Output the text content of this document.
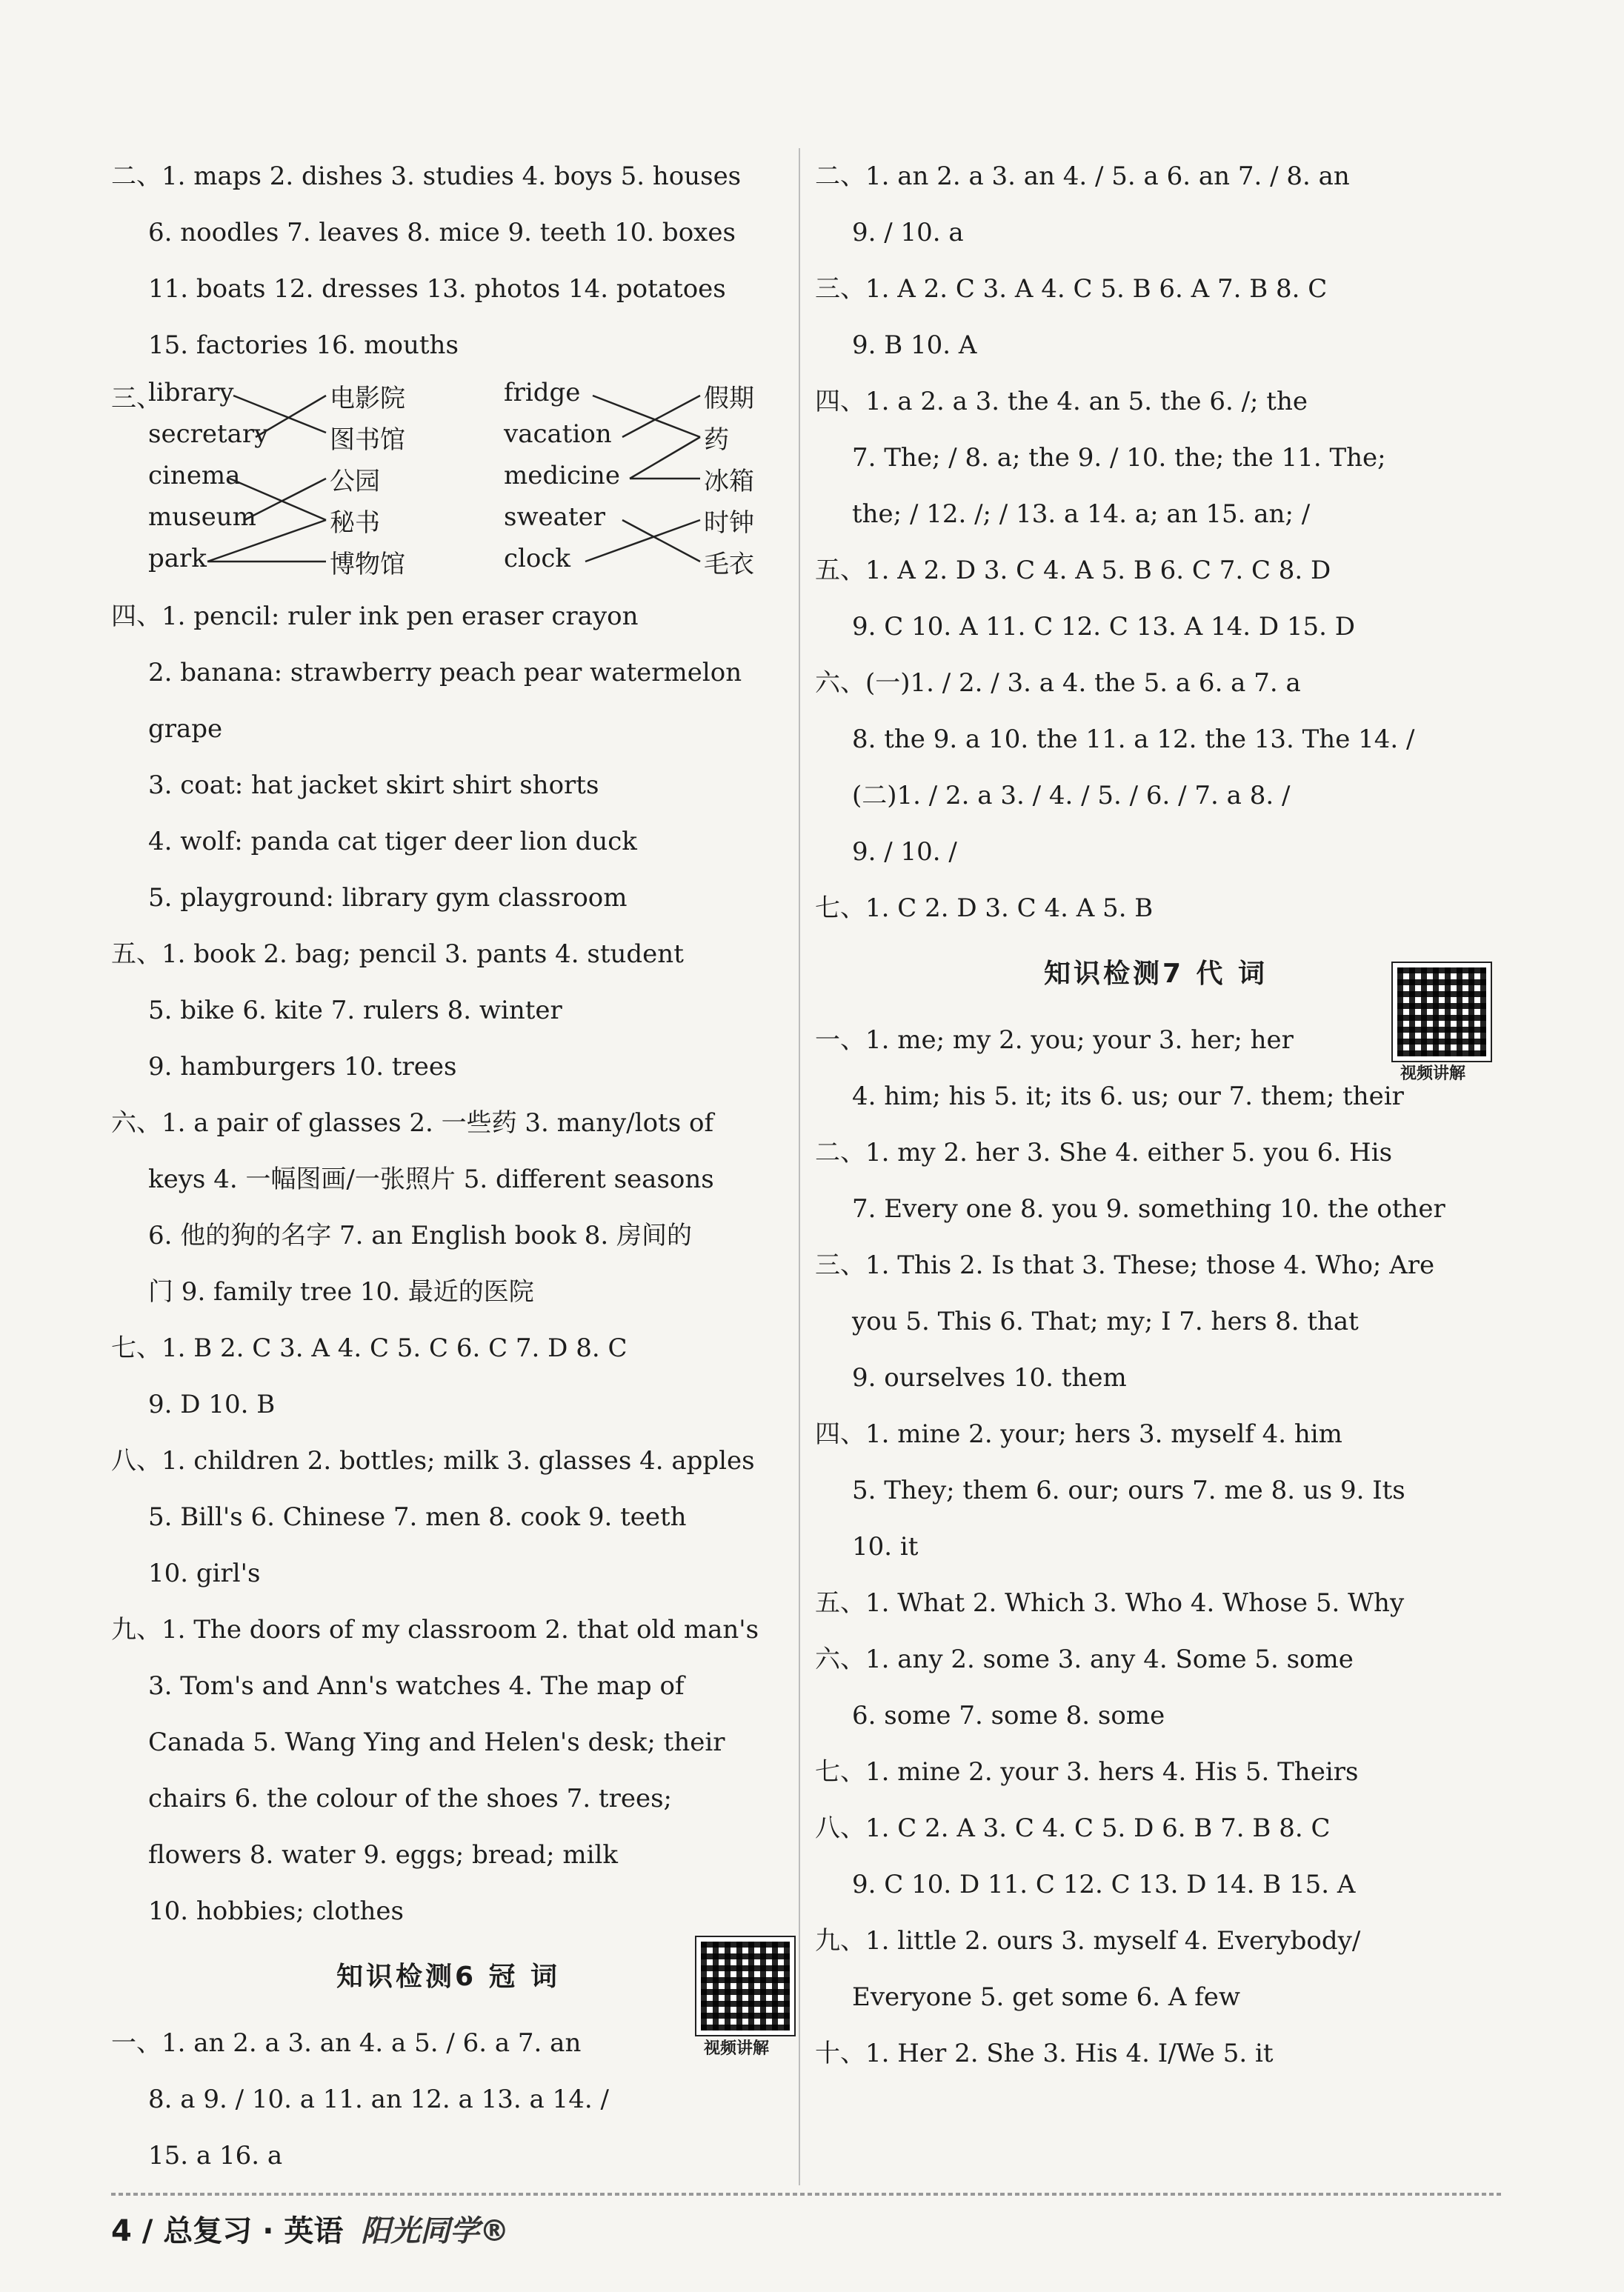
二、1. maps 2. dishes 3. studies 4. boys 5. houses
6. noodles 7. leaves 8. mice 9. teeth 10. boxes
11. boats 12. dresses 13. photos 14. potatoes
15. factories 16. mouths
三、
library
secretary
cinema
museum
park
电影院
图书馆
公园
秘书
博物馆
fridge
vacation
medicine
sweater
clock
假期
药
冰箱
时钟
毛衣
四、1. pencil: ruler ink pen eraser crayon
2. banana: strawberry peach pear watermelon
grape
3. coat: hat jacket skirt shirt shorts
4. wolf: panda cat tiger deer lion duck
5. playground: library gym classroom
五、1. book 2. bag; pencil 3. pants 4. student
5. bike 6. kite 7. rulers 8. winter
9. hamburgers 10. trees
六、1. a pair of glasses 2. 一些药 3. many/lots of
keys 4. 一幅图画/一张照片 5. different seasons
6. 他的狗的名字 7. an English book 8. 房间的
门 9. family tree 10. 最近的医院
七、1. B 2. C 3. A 4. C 5. C 6. C 7. D 8. C
9. D 10. B
八、1. children 2. bottles; milk 3. glasses 4. apples
5. Bill's 6. Chinese 7. men 8. cook 9. teeth
10. girl's
九、1. The doors of my classroom 2. that old man's
3. Tom's and Ann's watches 4. The map of
Canada 5. Wang Ying and Helen's desk; their
chairs 6. the colour of the shoes 7. trees;
flowers 8. water 9. eggs; bread; milk
10. hobbies; clothes
知识检测6 冠 词
一、1. an 2. a 3. an 4. a 5. / 6. a 7. an
8. a 9. / 10. a 11. an 12. a 13. a 14. /
15. a 16. a
视频讲解
二、1. an 2. a 3. an 4. / 5. a 6. an 7. / 8. an
9. / 10. a
三、1. A 2. C 3. A 4. C 5. B 6. A 7. B 8. C
9. B 10. A
四、1. a 2. a 3. the 4. an 5. the 6. /; the
7. The; / 8. a; the 9. / 10. the; the 11. The;
the; / 12. /; / 13. a 14. a; an 15. an; /
五、1. A 2. D 3. C 4. A 5. B 6. C 7. C 8. D
9. C 10. A 11. C 12. C 13. A 14. D 15. D
六、(一)1. / 2. / 3. a 4. the 5. a 6. a 7. a
8. the 9. a 10. the 11. a 12. the 13. The 14. /
(二)1. / 2. a 3. / 4. / 5. / 6. / 7. a 8. /
9. / 10. /
七、1. C 2. D 3. C 4. A 5. B
知识检测7 代 词
一、1. me; my 2. you; your 3. her; her
4. him; his 5. it; its 6. us; our 7. them; their
二、1. my 2. her 3. She 4. either 5. you 6. His
7. Every one 8. you 9. something 10. the other
三、1. This 2. Is that 3. These; those 4. Who; Are
you 5. This 6. That; my; I 7. hers 8. that
9. ourselves 10. them
四、1. mine 2. your; hers 3. myself 4. him
5. They; them 6. our; ours 7. me 8. us 9. Its
10. it
五、1. What 2. Which 3. Who 4. Whose 5. Why
六、1. any 2. some 3. any 4. Some 5. some
6. some 7. some 8. some
七、1. mine 2. your 3. hers 4. His 5. Theirs
八、1. C 2. A 3. C 4. C 5. D 6. B 7. B 8. C
9. C 10. D 11. C 12. C 13. D 14. B 15. A
九、1. little 2. ours 3. myself 4. Everybody/
Everyone 5. get some 6. A few
十、1. Her 2. She 3. His 4. I/We 5. it
视频讲解
4 / 总复习 · 英语 阳光同学®
